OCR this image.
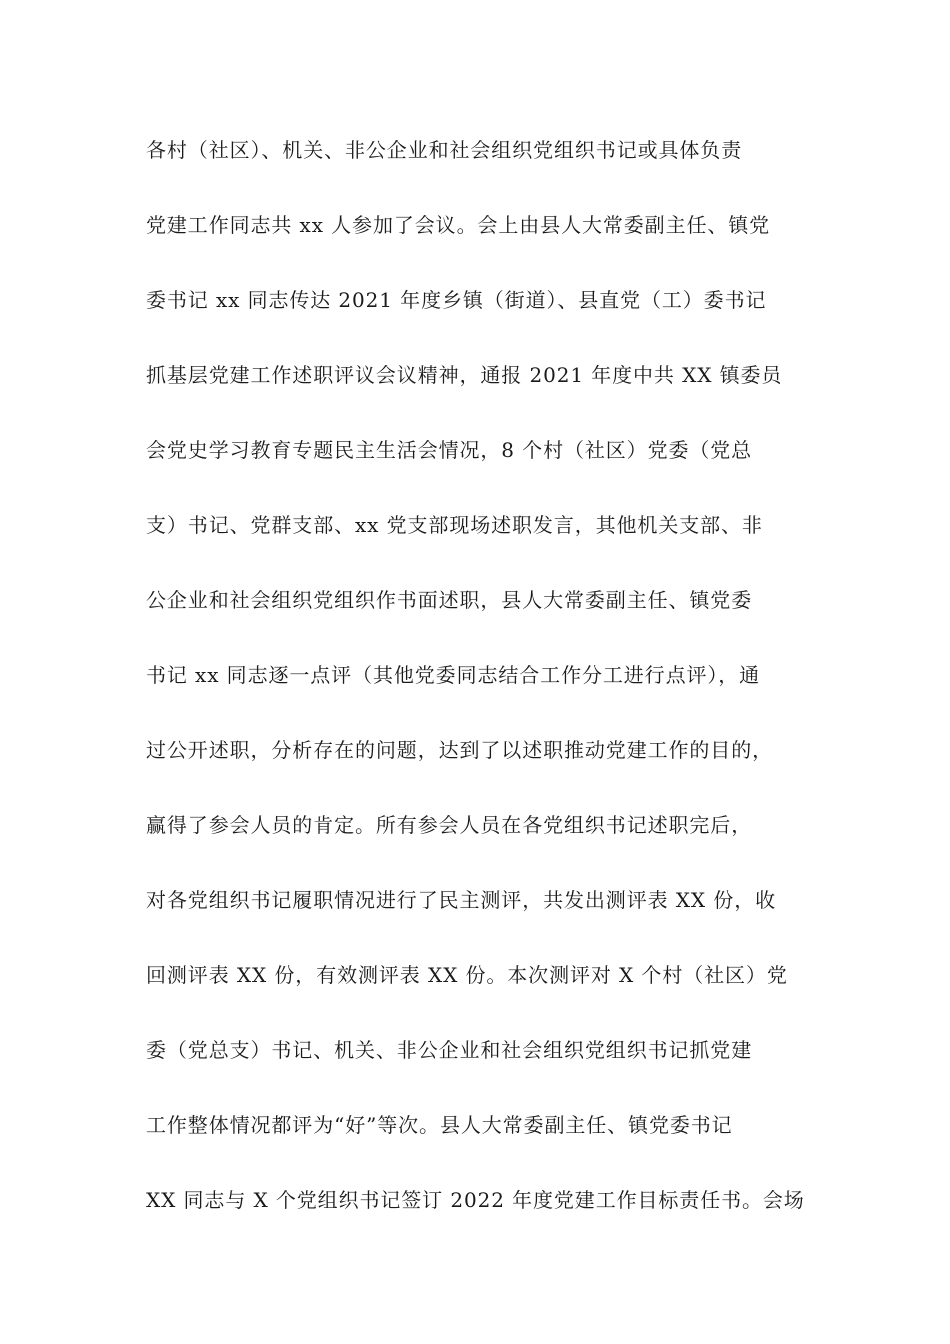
各村（社区）、机关、非公企业和社会组织党组织书记或具体负责
党建工作同志共 xx 人参加了会议。会上由县人大常委副主任、镇党
委书记 xx 同志传达 2021 年度乡镇（街道）、县直党（工）委书记
抓基层党建工作述职评议会议精神，通报 2021 年度中共 XX 镇委员
会党史学习教育专题民主生活会情况，8 个村（社区）党委（党总
支）书记、党群支部、xx 党支部现场述职发言，其他机关支部、非
公企业和社会组织党组织作书面述职，县人大常委副主任、镇党委
书记 xx 同志逐一点评（其他党委同志结合工作分工进行点评），通
过公开述职，分析存在的问题，达到了以述职推动党建工作的目的，
赢得了参会人员的肯定。所有参会人员在各党组织书记述职完后，
对各党组织书记履职情况进行了民主测评，共发出测评表 XX 份，收
回测评表 XX 份，有效测评表 XX 份。本次测评对 X 个村（社区）党
委（党总支）书记、机关、非公企业和社会组织党组织书记抓党建
工作整体情况都评为“好”等次。县人大常委副主任、镇党委书记
XX 同志与 X 个党组织书记签订 2022 年度党建工作目标责任书。会场
